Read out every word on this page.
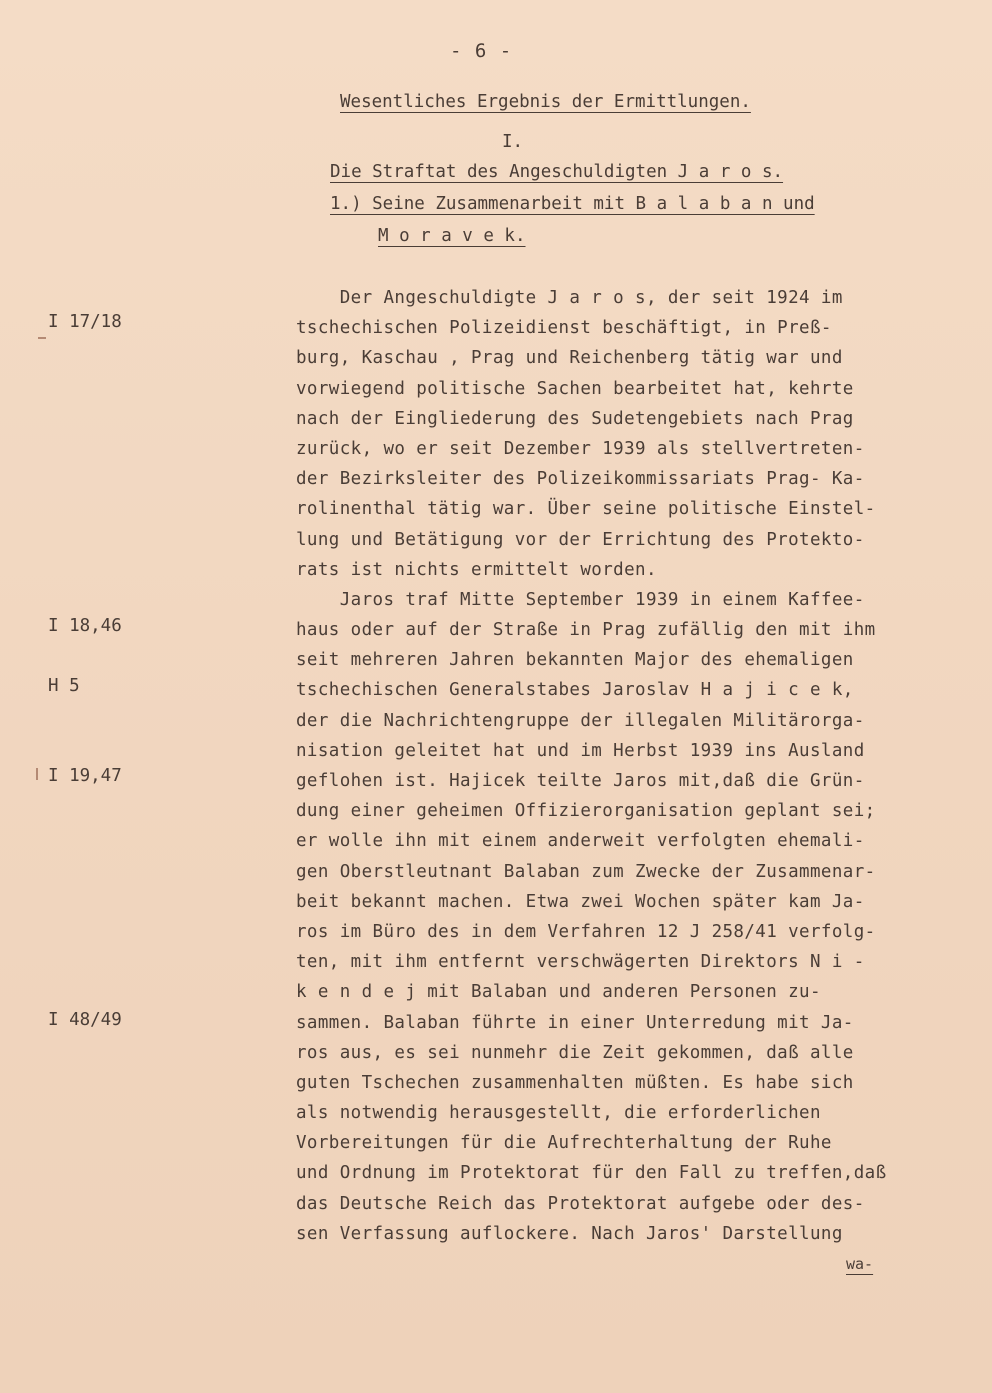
- 6 -
Wesentliches Ergebnis der Ermittlungen.
I.
Die Straftat des Angeschuldigten J a r o s.
1.) Seine Zusammenarbeit mit B a l a b a n und
M o r a v e k.
I 17/18
I 18,46
H 5
I 19,47
I 48/49
Der Angeschuldigte J a r o s, der seit 1924 im
tschechischen Polizeidienst beschäftigt, in Preß-
burg, Kaschau , Prag und Reichenberg tätig war und
vorwiegend politische Sachen bearbeitet hat, kehrte
nach der Eingliederung des Sudetengebiets nach Prag
zurück, wo er seit Dezember 1939 als stellvertreten-
der Bezirksleiter des Polizeikommissariats Prag- Ka-
rolinenthal tätig war. Über seine politische Einstel-
lung und Betätigung vor der Errichtung des Protekto-
rats ist nichts ermittelt worden.
Jaros traf Mitte September 1939 in einem Kaffee-
haus oder auf der Straße in Prag zufällig den mit ihm
seit mehreren Jahren bekannten Major des ehemaligen
tschechischen Generalstabes Jaroslav H a j i c e k,
der die Nachrichtengruppe der illegalen Militärorga-
nisation geleitet hat und im Herbst 1939 ins Ausland
geflohen ist. Hajicek teilte Jaros mit,daß die Grün-
dung einer geheimen Offizierorganisation geplant sei;
er wolle ihn mit einem anderweit verfolgten ehemali-
gen Oberstleutnant Balaban zum Zwecke der Zusammenar-
beit bekannt machen. Etwa zwei Wochen später kam Ja-
ros im Büro des in dem Verfahren 12 J 258/41 verfolg-
ten, mit ihm entfernt verschwägerten Direktors N i -
k e n d e j mit Balaban und anderen Personen zu-
sammen. Balaban führte in einer Unterredung mit Ja-
ros aus, es sei nunmehr die Zeit gekommen, daß alle
guten Tschechen zusammenhalten müßten. Es habe sich
als notwendig herausgestellt, die erforderlichen
Vorbereitungen für die Aufrechterhaltung der Ruhe
und Ordnung im Protektorat für den Fall zu treffen,daß
das Deutsche Reich das Protektorat aufgebe oder des-
sen Verfassung auflockere. Nach Jaros' Darstellung
wa-
